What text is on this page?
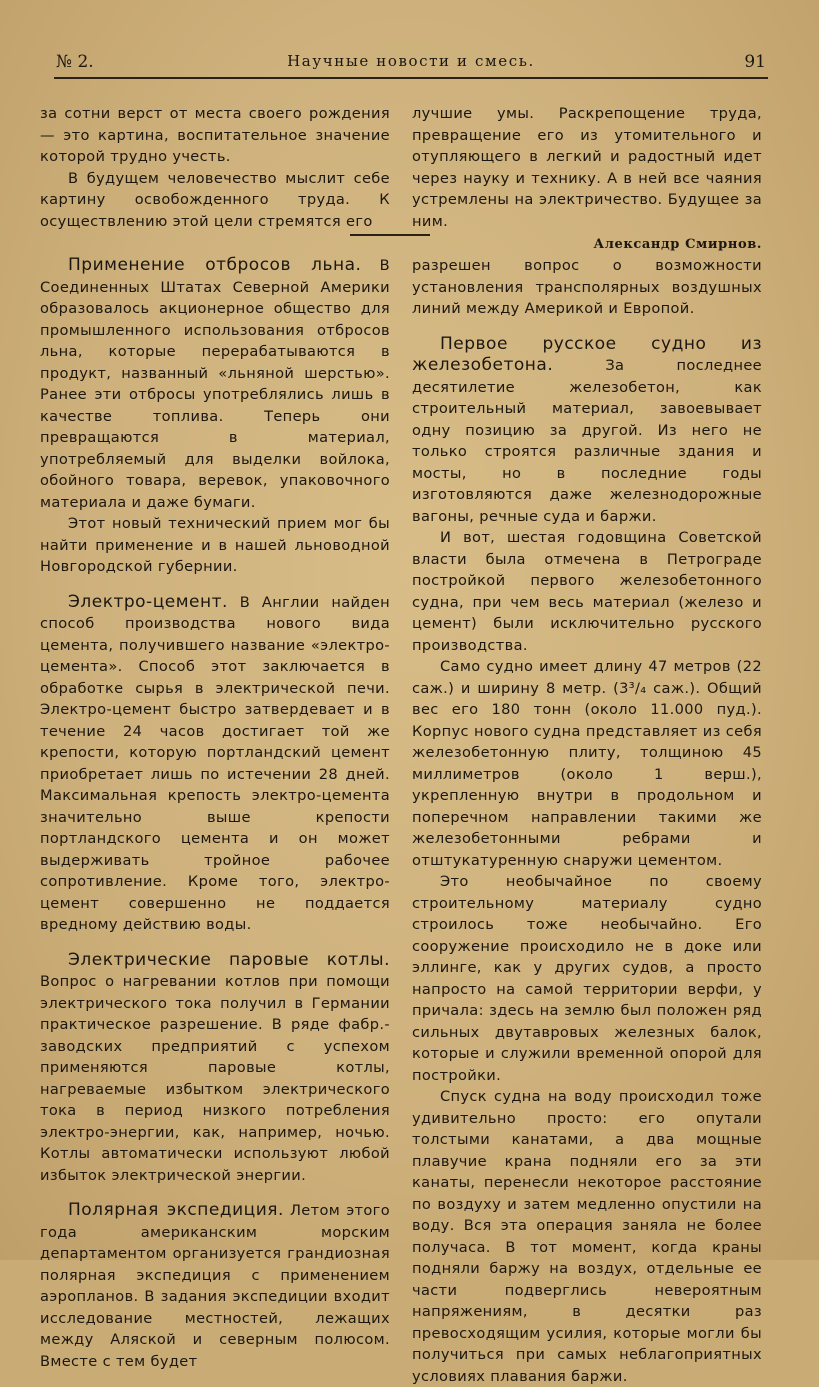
№ 2.	Научные новости и смесь.	91

за сотни верст от места своего рождения— это картина, воспитательное значение которой трудно учесть.

В будущем человечество мыслит себе картину освобожденного труда. К осуществлению этой цели стремятся его

лучшие умы. Раскрепощение труда, превращение его из утомительного и отупляющего в легкий и радостный идет через науку и технику. А в ней все чаяния устремлены на электричество. Будущее за ним.

Александр Смирнов.

Применение отбросов льна. В Соединенных Штатах Северной Америки образовалось акционерное общество для промышленного использования отбросов льна, которые перерабатываются в продукт, названный «льняной шерстью». Ранее эти отбросы употреблялись лишь в качестве топлива. Теперь они превращаются в материал, употребляемый для выделки войлока, обойного товара, веревок, упаковочного материала и даже бумаги.

Этот новый технический прием мог бы найти применение и в нашей льноводной Новгородской губернии.

Электро-цемент. В Англии найден способ производства нового вида цемента, получившего название «электро-цемента». Способ этот заключается в обработке сырья в электрической печи. Электро-цемент быстро затвердевает и в течение 24 часов достигает той же крепости, которую портландский цемент приобретает лишь по истечении 28 дней. Максимальная крепость электро-цемента значительно выше крепости портландского цемента и он может выдерживать тройное рабочее сопротивление. Кроме того, электро-цемент совершенно не поддается вредному действию воды.

Электрические паровые котлы. Вопрос о нагревании котлов при помощи электрического тока получил в Германии практическое разрешение. В ряде фабр.-заводских предприятий с успехом применяются паровые котлы, нагреваемые избытком электрического тока в период низкого потребления электро-энергии, как, например, ночью. Котлы автоматически используют любой избыток электрической энергии.

Полярная экспедиция. Летом этого года американским морским департаментом организуется грандиозная полярная экспедиция с применением аэропланов. В задания экспедиции входит исследование местностей, лежащих между Аляской и северным полюсом. Вместе с тем будет

разрешен вопрос о возможности установления трансполярных воздушных линий между Америкой и Европой.

Первое русское судно из железобетона.	За последнее десятилетие железобетон, как строительный материал, завоевывает одну позицию за другой. Из него не только строятся различные здания и мосты, но в последние годы изготовляются даже железнодорожные вагоны, речные суда и баржи.

И вот, шестая годовщина Советской власти была отмечена в Петрограде постройкой первого железобетонного судна, при чем весь материал (железо и цемент) были исключительно русского производства.

Само судно имеет длину 47 метров (22 саж.) и ширину 8 метр. (3³/₄ саж.). Общий вес его 180 тонн (около 11.000 пуд.). Корпус нового судна представляет из себя железобетонную плиту, толщиною 45 миллиметров (около 1 верш.), укрепленную внутри в продольном и поперечном направлении такими же железобетонными ребрами и отштукатуренную снаружи цементом.

Это необычайное по своему строительному материалу судно строилось тоже необычайно. Его сооружение происходило не в доке или эллинге, как у других судов, а просто напросто на самой территории верфи, у причала: здесь на землю был положен ряд сильных двутавровых железных балок, которые и служили временной опорой для постройки.

Спуск судна на воду происходил тоже удивительно просто: его опутали толстыми канатами, а два мощные плавучие крана подняли его за эти канаты, перенесли некоторое расстояние по воздуху и затем медленно опустили на воду. Вся эта операция заняла не более получаса. В тот момент, когда краны подняли баржу на воздух, отдельные ее части подверглись невероятным напряжениям, в десятки раз превосходящим усилия, которые могли бы получиться при самых неблагоприятных условиях плавания баржи.
